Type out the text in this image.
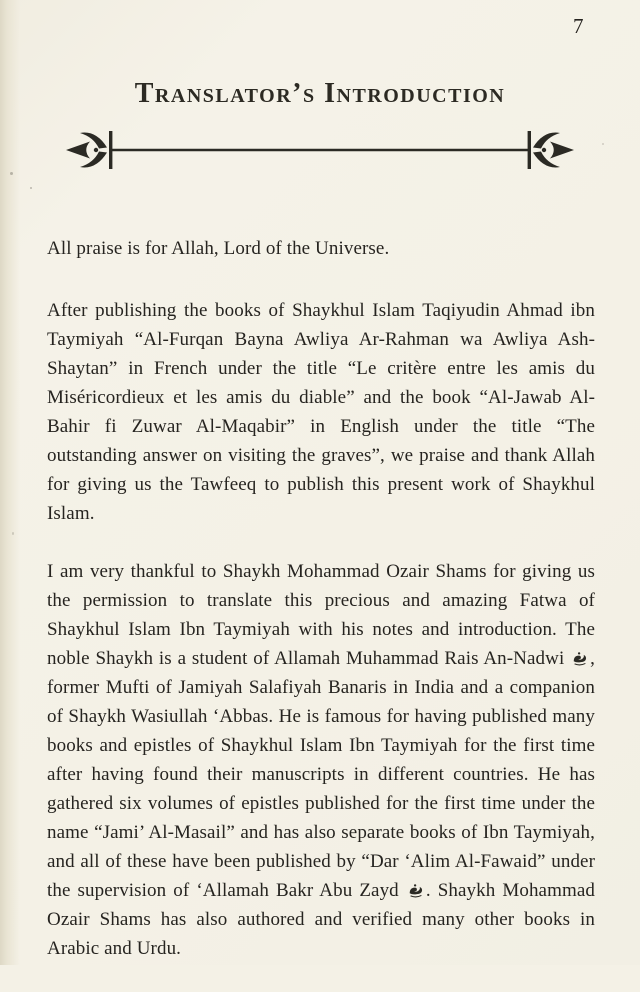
7
Translator’s Introduction

All praise is for Allah, Lord of the Universe.

After publishing the books of Shaykhul Islam Taqiyudin Ahmad ibn Taymiyah “Al-Furqan Bayna Awliya Ar-Rahman wa Awliya Ash-Shaytan” in French under the title “Le critère entre les amis du Miséricordieux et les amis du diable” and the book “Al-Jawab Al-Bahir fi Zuwar Al-Maqabir” in English under the title “The outstanding answer on visiting the graves”, we praise and thank Allah for giving us the Tawfeeq to publish this present work of Shaykhul Islam.

I am very thankful to Shaykh Mohammad Ozair Shams for giving us the permission to translate this precious and amazing Fatwa of Shaykhul Islam Ibn Taymiyah with his notes and introduction. The noble Shaykh is a student of Allamah Muhammad Rais An-Nadwi , former Mufti of Jamiyah Salafiyah Banaris in India and a companion of Shaykh Wasiullah ‘Abbas. He is famous for having published many books and epistles of Shaykhul Islam Ibn Taymiyah for the first time after having found their manuscripts in different countries. He has gathered six volumes of epistles published for the first time under the name “Jami’ Al-Masail” and has also separate books of Ibn Taymiyah, and all of these have been published by “Dar ‘Alim Al-Fawaid” under the supervision of ‘Allamah Bakr Abu Zayd . Shaykh Mohammad Ozair Shams has also authored and verified many other books in Arabic and Urdu.
